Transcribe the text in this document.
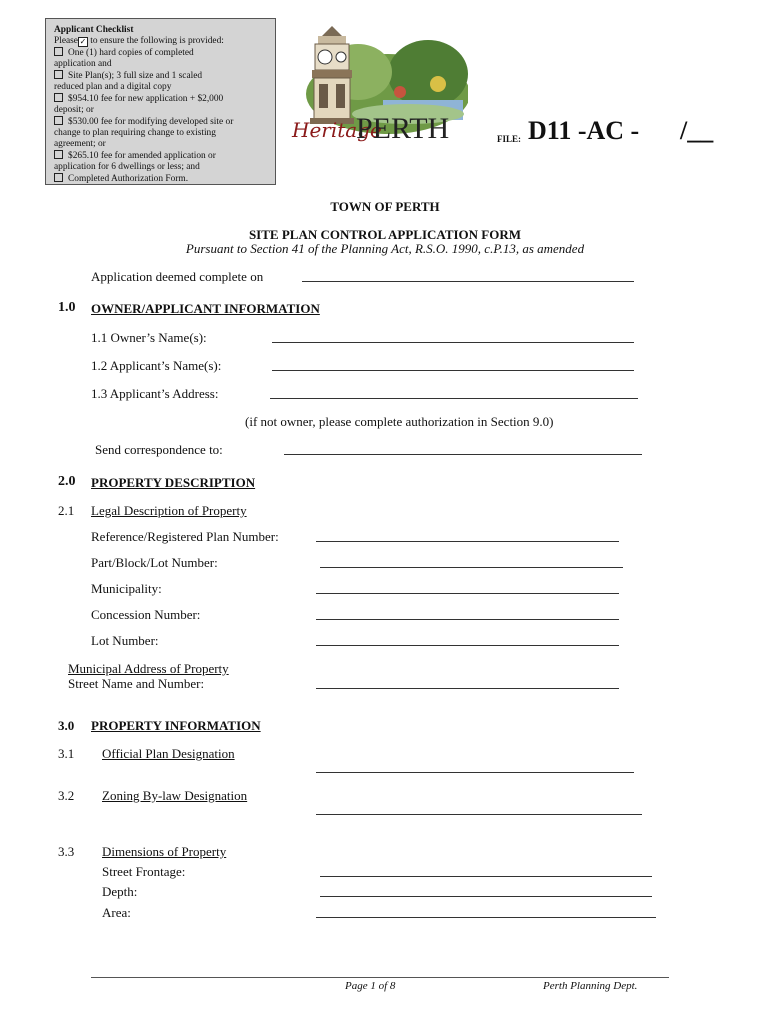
Applicant Checklist
Please ✓ to ensure the following is provided:
One (1) hard copies of completed
application and
Site Plan(s); 3 full size and 1 scaled
reduced plan and a digital copy
$954.10 fee for new application + $2,000
deposit; or
$530.00 fee for modifying developed site or
change to plan requiring change to existing
agreement; or
$265.10 fee for amended application or
application for 6 dwellings or less; and
Completed Authorization Form.
Heritage
PERTH	FILE: D11 -AC - /__
TOWN OF PERTH
SITE PLAN CONTROL APPLICATION FORM
Pursuant to Section 41 of the Planning Act, R.S.O. 1990, c.P.13, as amended
Application deemed complete on
1.0 OWNER/APPLICANT INFORMATION
1.1 Owner’s Name(s):
1.2 Applicant’s Name(s):
1.3 Applicant’s Address:
(if not owner, please complete authorization in Section 9.0)
Send correspondence to:
2.0 PROPERTY DESCRIPTION
2.1 Legal Description of Property
Reference/Registered Plan Number:
Part/Block/Lot Number:
Municipality:
Concession Number:
Lot Number:
Municipal Address of Property
Street Name and Number:
3.0 PROPERTY INFORMATION
3.1 Official Plan Designation
3.2 Zoning By-law Designation
3.3 Dimensions of Property
Street Frontage:
Depth:
Area:
Page 1 of 8	Perth Planning Dept.
